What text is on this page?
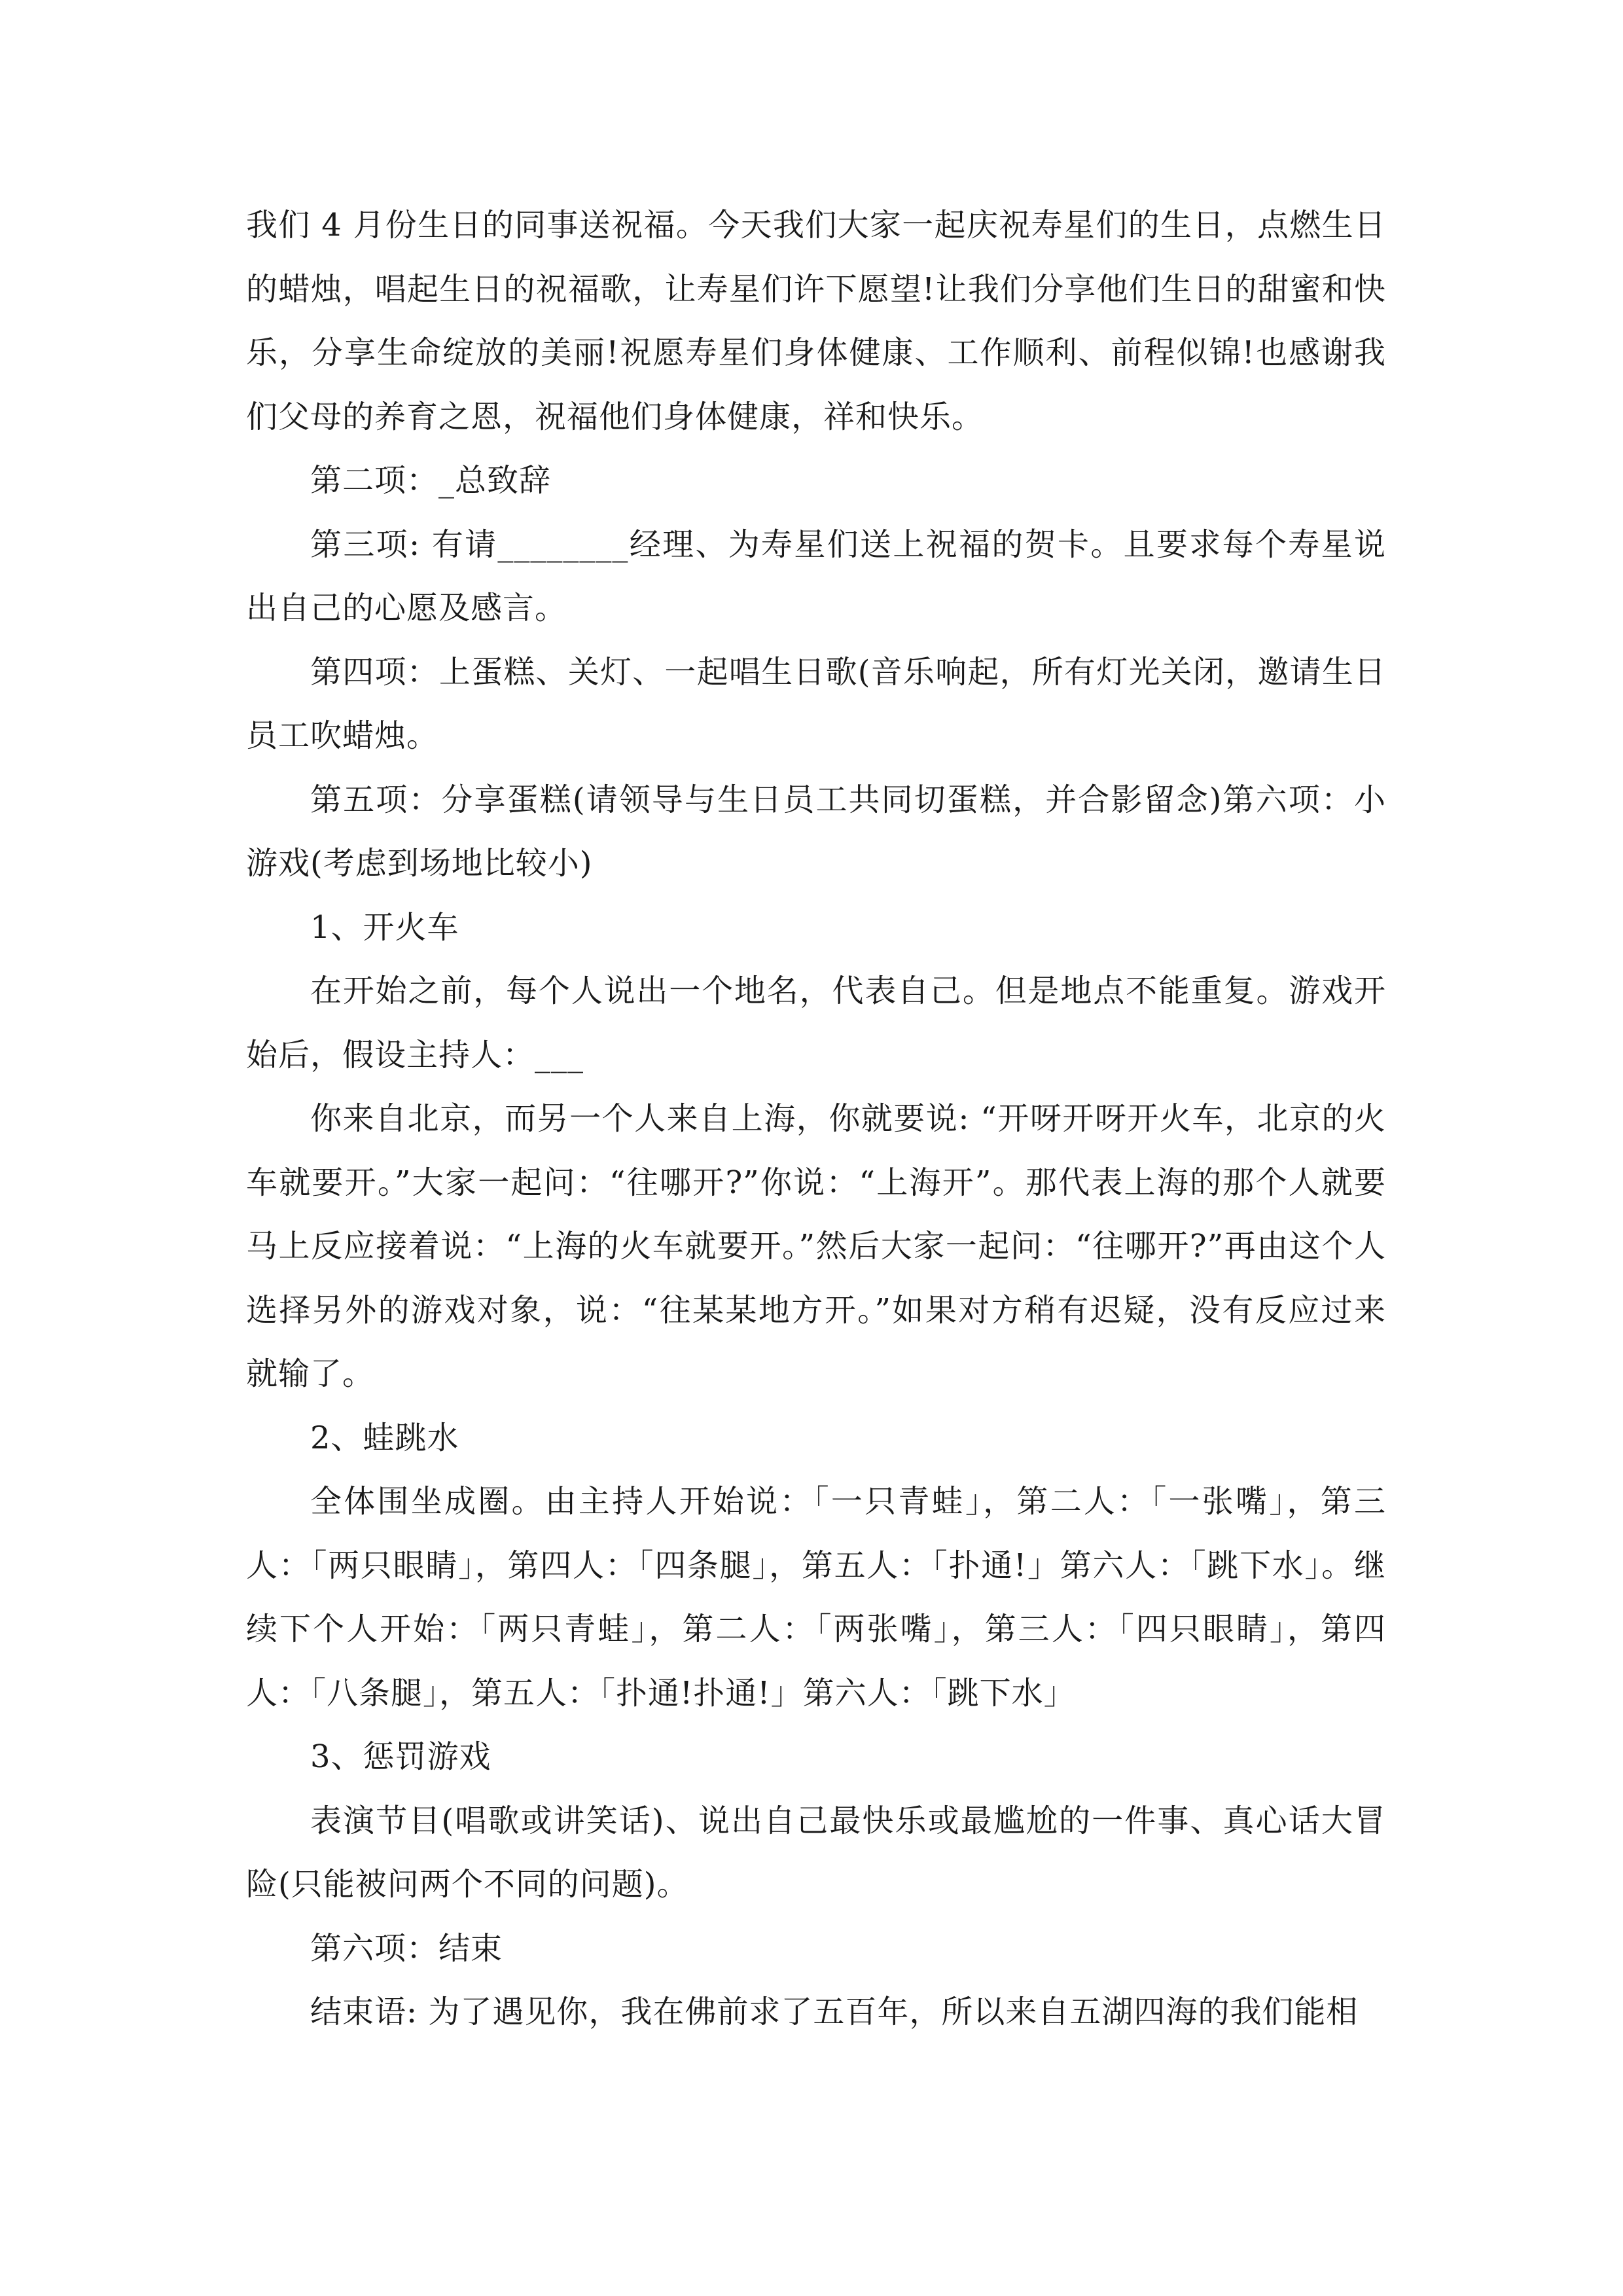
我们 4 月份生日的同事送祝福。今天我们大家一起庆祝寿星们的生日，点燃生日的蜡烛，唱起生日的祝福歌，让寿星们许下愿望!让我们分享他们生日的甜蜜和快乐，分享生命绽放的美丽!祝愿寿星们身体健康、工作顺利、前程似锦!也感谢我们父母的养育之恩，祝福他们身体健康，祥和快乐。

第二项：_总致辞

第三项: 有请________经理、为寿星们送上祝福的贺卡。且要求每个寿星说出自己的心愿及感言。

第四项：上蛋糕、关灯、一起唱生日歌(音乐响起，所有灯光关闭，邀请生日员工吹蜡烛。

第五项：分享蛋糕(请领导与生日员工共同切蛋糕，并合影留念)第六项：小游戏(考虑到场地比较小)

1、开火车

在开始之前，每个人说出一个地名，代表自己。但是地点不能重复。游戏开始后，假设主持人：___

你来自北京，而另一个人来自上海，你就要说: “开呀开呀开火车，北京的火车就要开。”大家一起问：“往哪开?”你说：“上海开”。那代表上海的那个人就要马上反应接着说：“上海的火车就要开。”然后大家一起问：“往哪开?”再由这个人选择另外的游戏对象，说：“往某某地方开。”如果对方稍有迟疑，没有反应过来就输了。

2、蛙跳水

全体围坐成圈。由主持人开始说：「一只青蛙」，第二人：「一张嘴」，第三人：「两只眼睛」，第四人：「四条腿」，第五人：「扑通!」第六人：「跳下水」。继续下个人开始：「两只青蛙」，第二人：「两张嘴」，第三人：「四只眼睛」，第四人：「八条腿」，第五人：「扑通!扑通!」第六人：「跳下水」

3、惩罚游戏

表演节目(唱歌或讲笑话)、说出自己最快乐或最尴尬的一件事、真心话大冒险(只能被问两个不同的问题)。

第六项：结束

结束语: 为了遇见你，我在佛前求了五百年，所以来自五湖四海的我们能相
